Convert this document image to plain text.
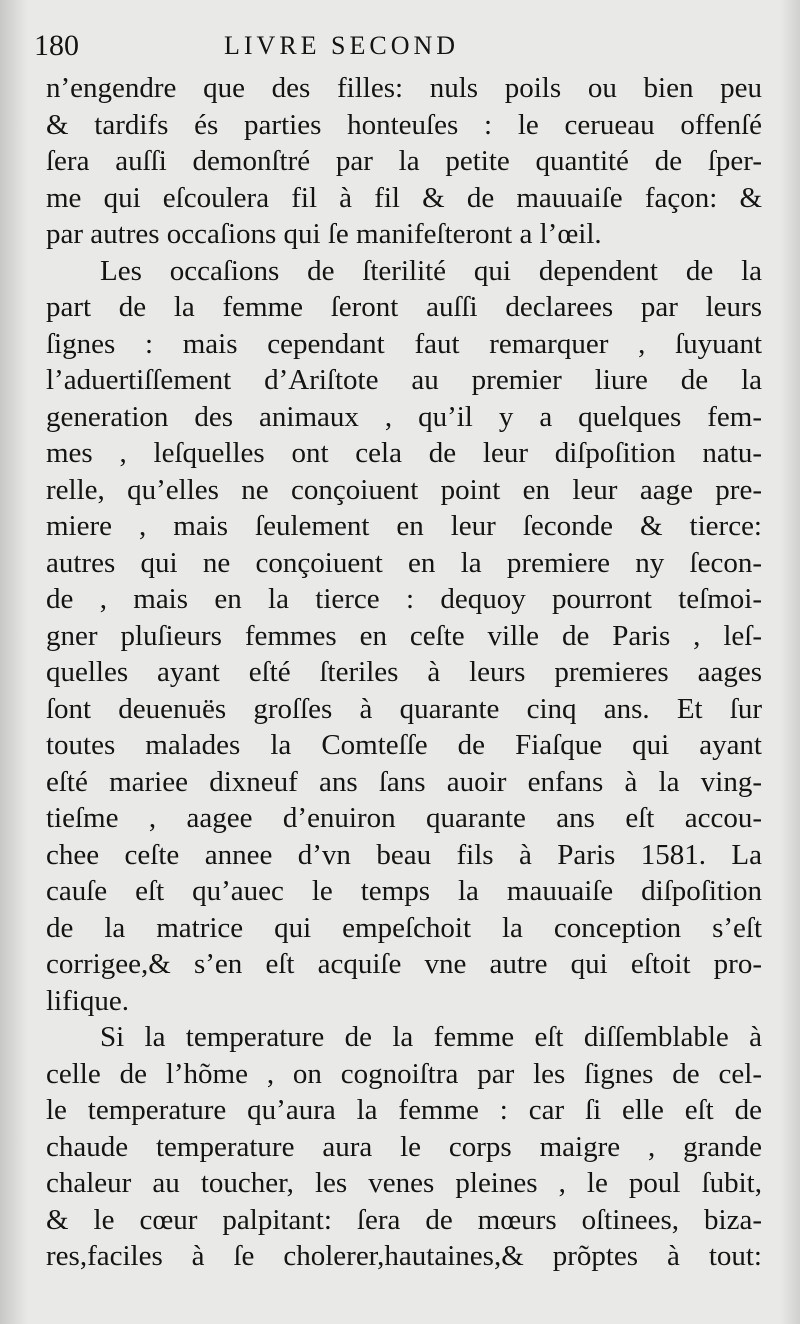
180	LIVRE SECOND
n’engendre que des filles: nuls poils ou bien peu
& tardifs és parties honteuſes : le cerueau offenſé
ſera auſſi demonſtré par la petite quantité de ſper-
me qui eſcoulera fil à fil & de mauuaiſe façon: &
par autres occaſions qui ſe manifeſteront a l’œil.
Les occaſions de ſterilité qui dependent de la
part de la femme ſeront auſſi declarees par leurs
ſignes : mais cependant faut remarquer , ſuyuant
l’aduertiſſement d’Ariſtote au premier liure de la
generation des animaux , qu’il y a quelques fem-
mes , leſquelles ont cela de leur diſpoſition natu-
relle, qu’elles ne conçoiuent point en leur aage pre-
miere , mais ſeulement en leur ſeconde & tierce:
autres qui ne conçoiuent en la premiere ny ſecon-
de , mais en la tierce : dequoy pourront teſmoi-
gner pluſieurs femmes en ceſte ville de Paris , leſ-
quelles ayant eſté ſteriles à leurs premieres aages
ſont deuenuës groſſes à quarante cinq ans. Et ſur
toutes malades la Comteſſe de Fiaſque qui ayant
eſté mariee dixneuf ans ſans auoir enfans à la ving-
tieſme , aagee d’enuiron quarante ans eſt accou-
chee ceſte annee d’vn beau fils à Paris 1581. La
cauſe eſt qu’auec le temps la mauuaiſe diſpoſition
de la matrice qui empeſchoit la conception s’eſt
corrigee,& s’en eſt acquiſe vne autre qui eſtoit pro-
lifique.
Si la temperature de la femme eſt diſſemblable à
celle de l’hõme , on cognoiſtra par les ſignes de cel-
le temperature qu’aura la femme : car ſi elle eſt de
chaude temperature aura le corps maigre , grande
chaleur au toucher, les venes pleines , le poul ſubit,
& le cœur palpitant: ſera de mœurs oſtinees, biza-
res,faciles à ſe cholerer,hautaines,& prõptes à tout:
